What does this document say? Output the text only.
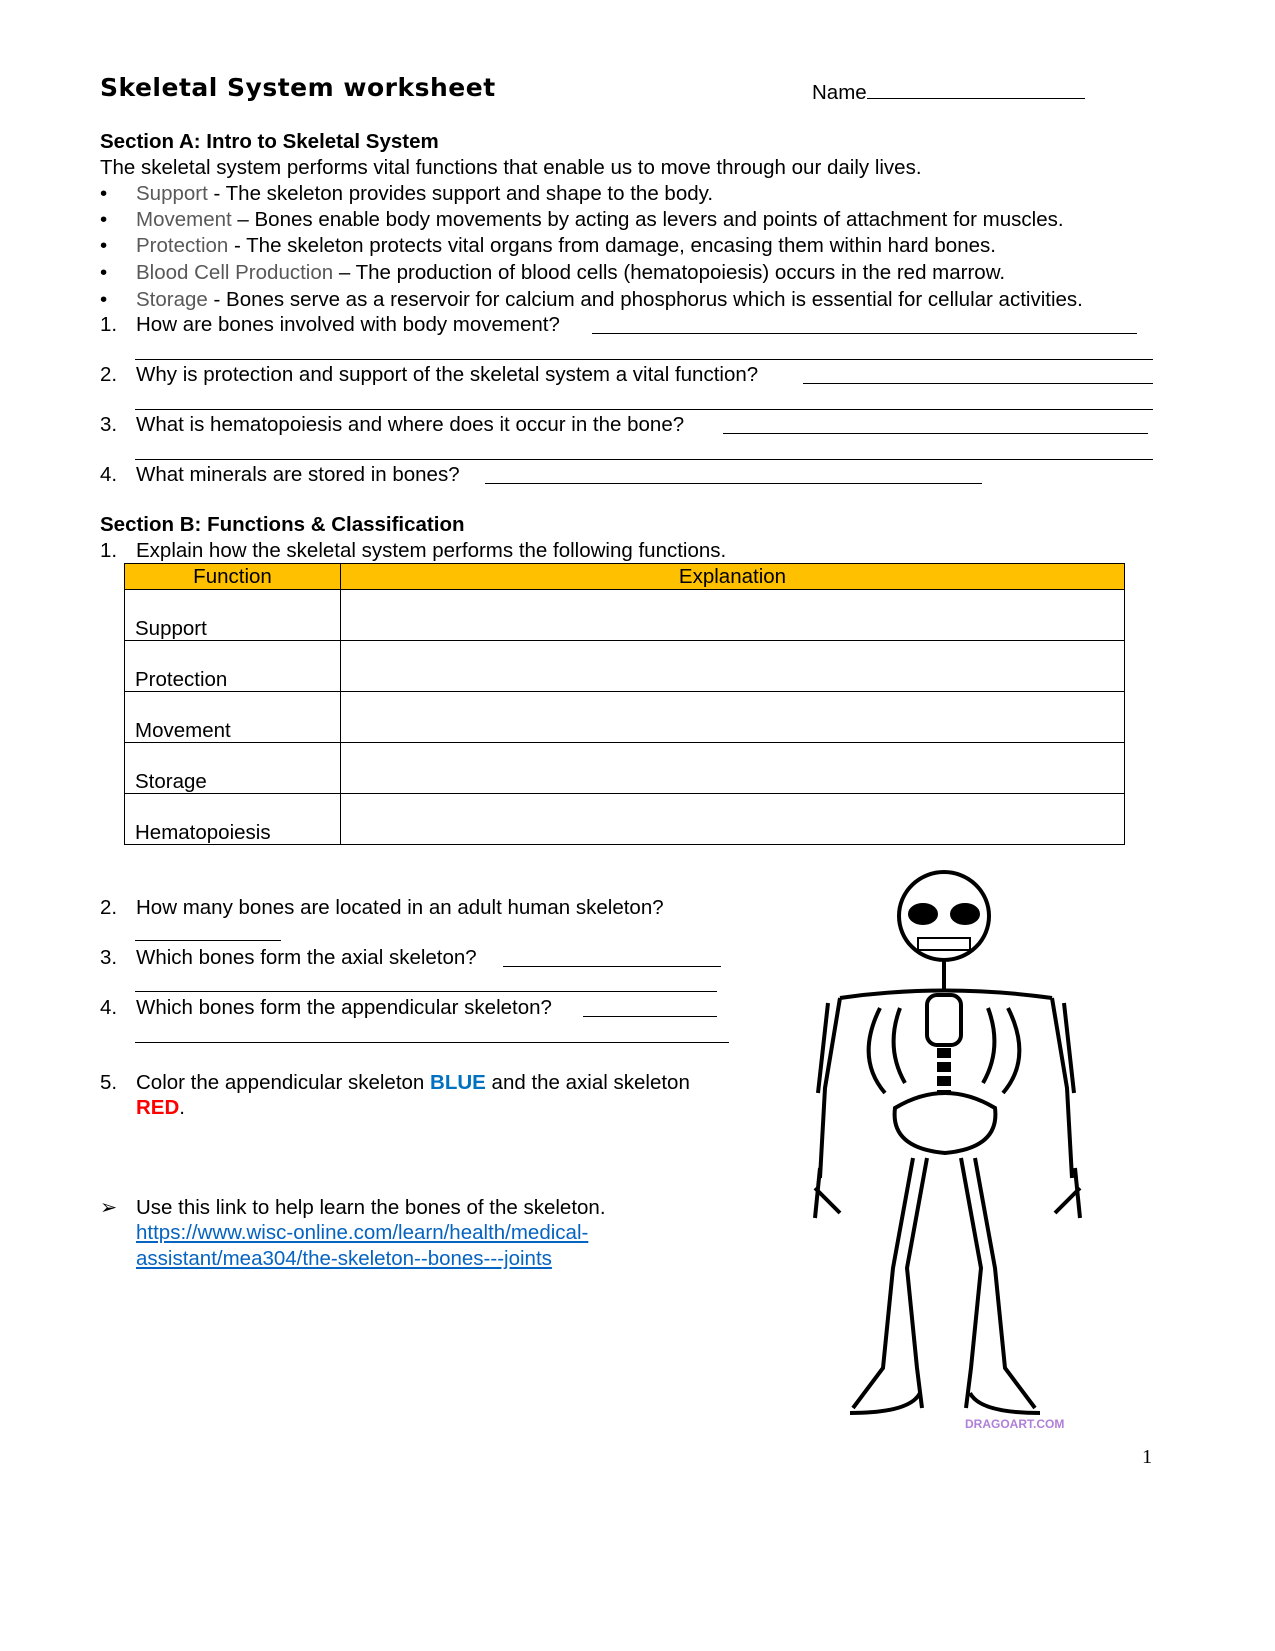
Skeletal System worksheet	Name
Section A: Intro to Skeletal System
The skeletal system performs vital functions that enable us to move through our daily lives.
• Support - The skeleton provides support and shape to the body.
• Movement – Bones enable body movements by acting as levers and points of attachment for muscles.
• Protection - The skeleton protects vital organs from damage, encasing them within hard bones.
• Blood Cell Production – The production of blood cells (hematopoiesis) occurs in the red marrow.
• Storage - Bones serve as a reservoir for calcium and phosphorus which is essential for cellular activities.
1. How are bones involved with body movement?
2. Why is protection and support of the skeletal system a vital function?
3. What is hematopoiesis and where does it occur in the bone?
4. What minerals are stored in bones?
Section B: Functions & Classification
1. Explain how the skeletal system performs the following functions.
Function	Explanation
Support	
Protection	
Movement	
Storage	
Hematopoiesis	
2. How many bones are located in an adult human skeleton?
3. Which bones form the axial skeleton?
4. Which bones form the appendicular skeleton?
5. Color the appendicular skeleton BLUE and the axial skeleton
RED.
➢ Use this link to help learn the bones of the skeleton.
https://www.wisc-online.com/learn/health/medical-
assistant/mea304/the-skeleton--bones---joints
DRAGOART.COM
1
